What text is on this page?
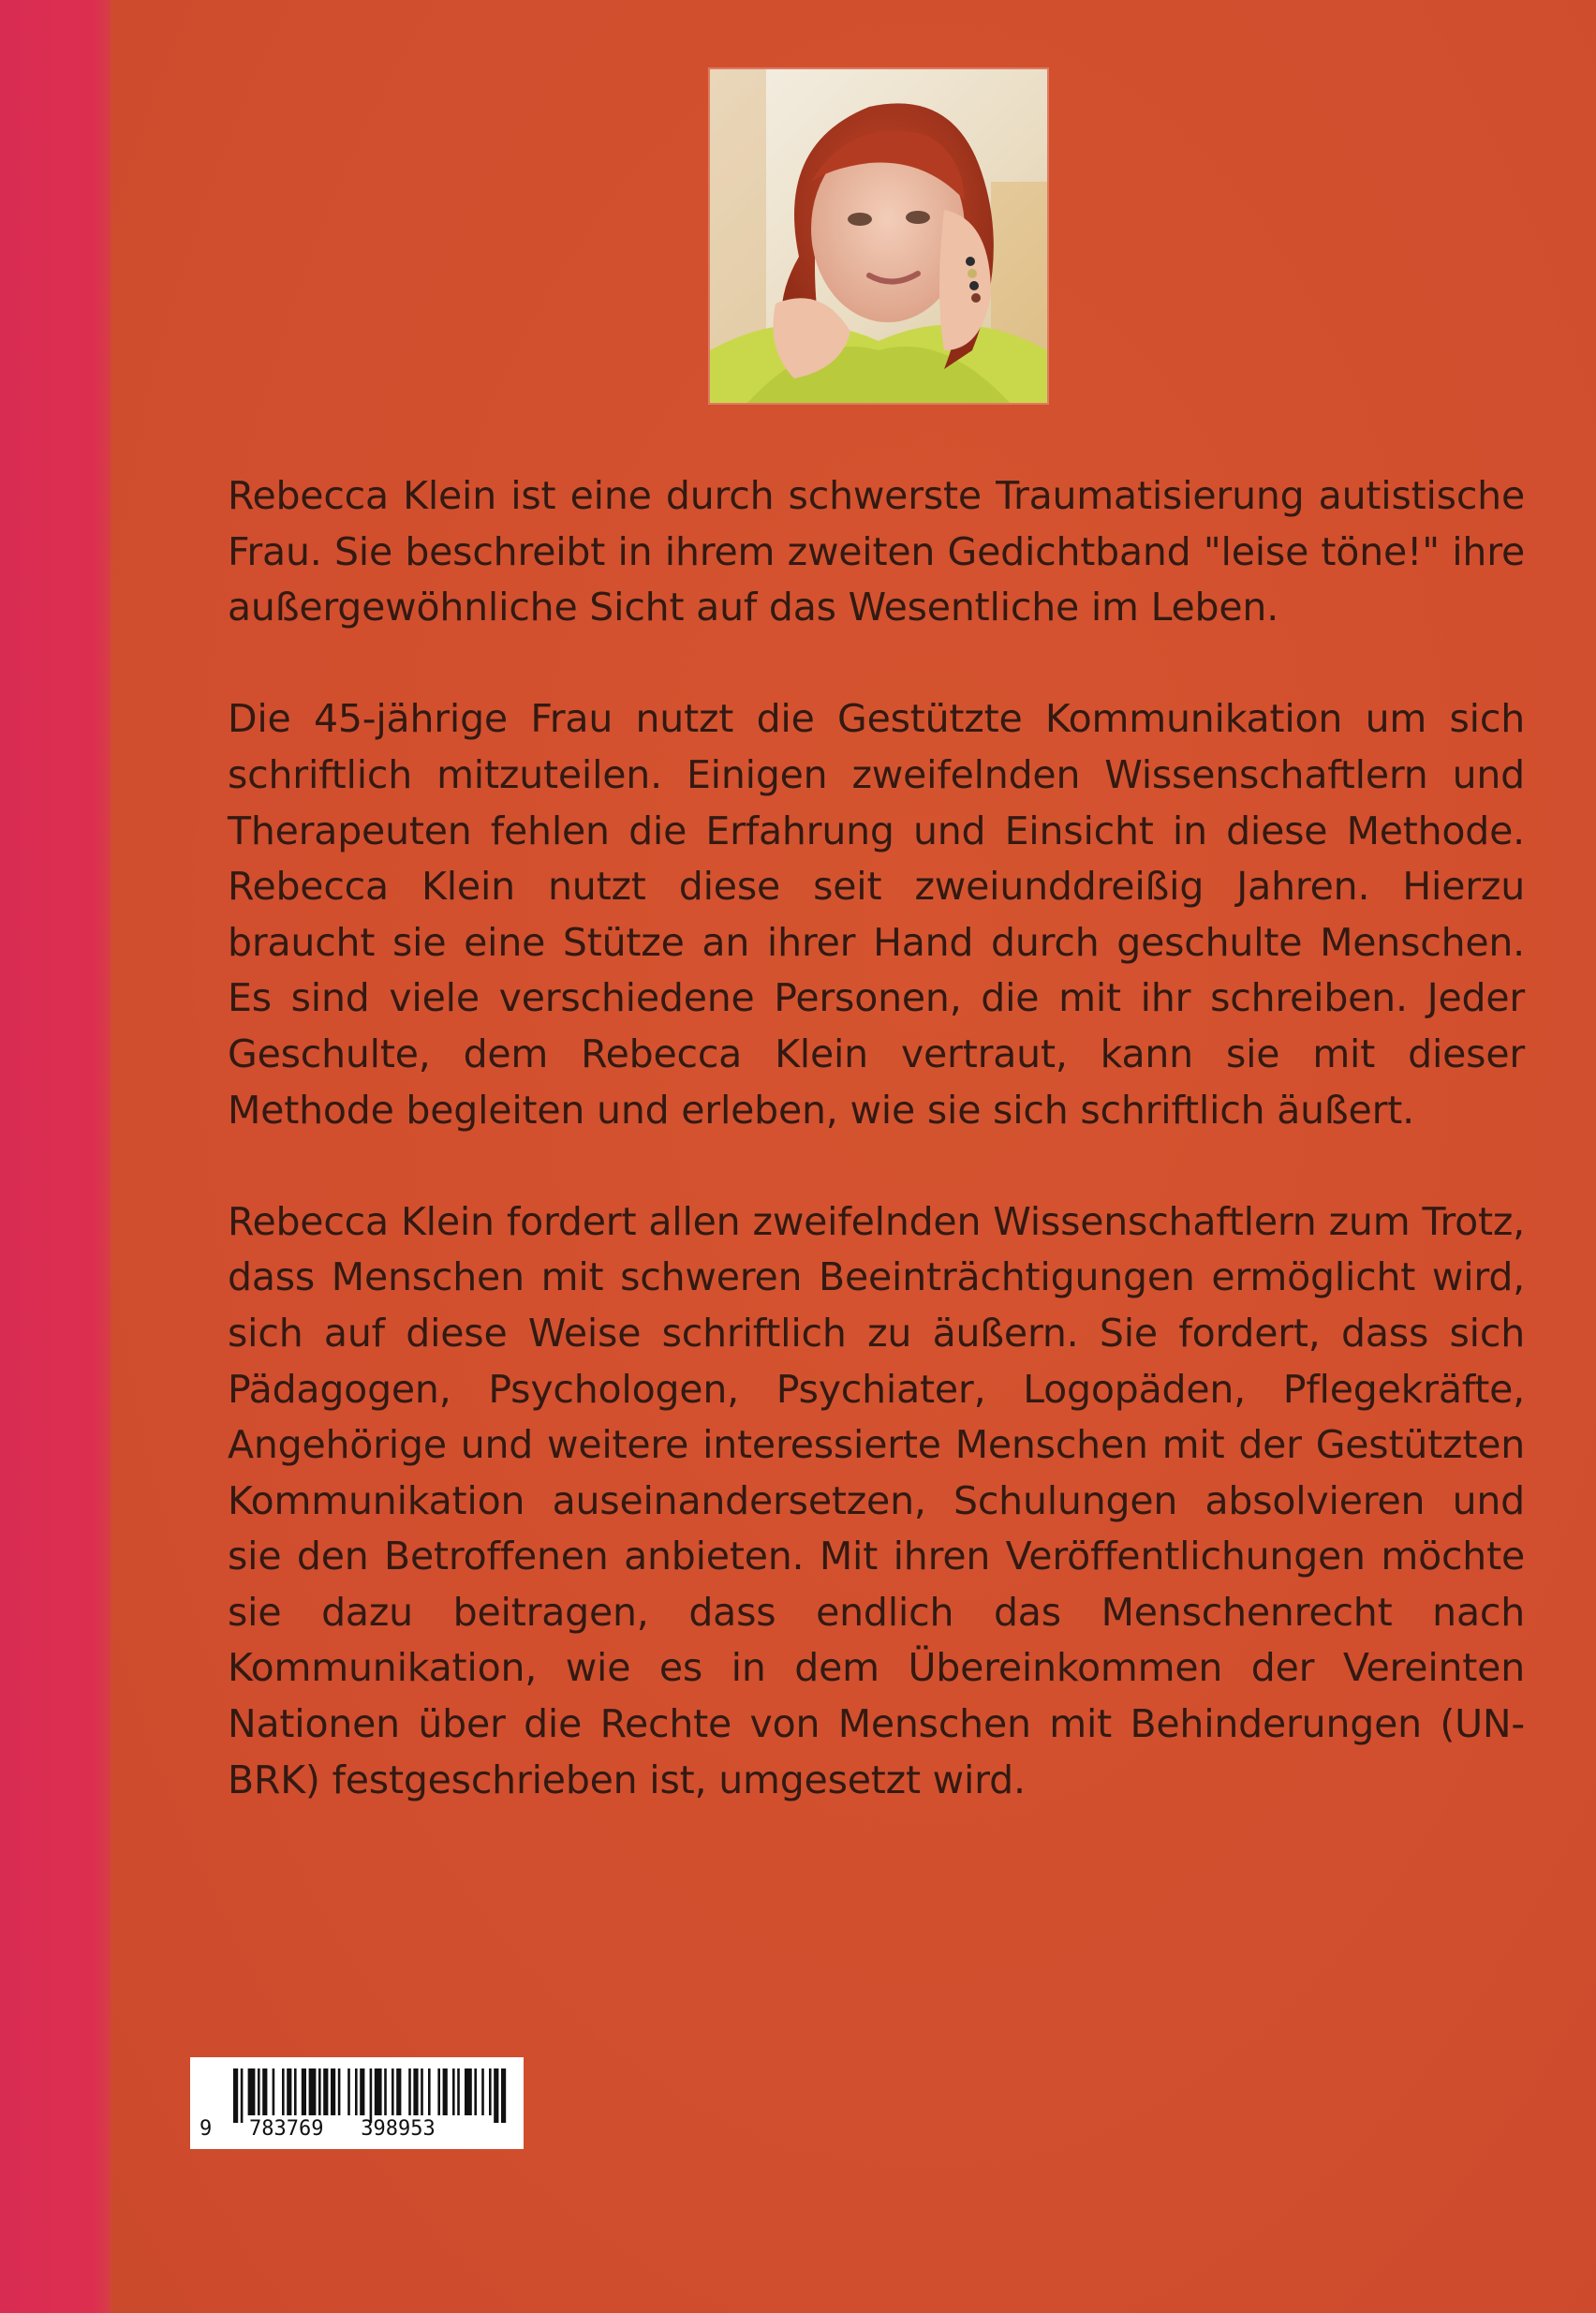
Rebecca Klein ist eine durch schwerste Traumatisierung autistische Frau. Sie beschreibt in ihrem zweiten Gedichtband "leise töne!" ihre außergewöhnliche Sicht auf das Wesentliche im Leben.

Die 45-jährige Frau nutzt die Gestützte Kommunikation um sich schriftlich mitzuteilen. Einigen zweifelnden Wissenschaftlern und Therapeuten fehlen die Erfahrung und Einsicht in diese Methode. Rebecca Klein nutzt diese seit zweiunddreißig Jahren. Hierzu braucht sie eine Stütze an ihrer Hand durch geschulte Menschen. Es sind viele verschiedene Personen, die mit ihr schreiben. Jeder Geschulte, dem Rebecca Klein vertraut, kann sie mit dieser Methode begleiten und erleben, wie sie sich schriftlich äußert.

Rebecca Klein fordert allen zweifelnden Wissenschaftlern zum Trotz, dass Menschen mit schweren Beeinträchtigungen ermöglicht wird, sich auf diese Weise schriftlich zu äußern. Sie fordert, dass sich Pädagogen, Psychologen, Psychiater, Logopäden, Pflegekräfte, Angehörige und weitere interessierte Menschen mit der Gestützten Kommunikation auseinandersetzen, Schulungen absolvieren und sie den Betroffenen anbieten. Mit ihren Veröffentlichungen möchte sie dazu beitragen, dass endlich das Menschenrecht nach Kommunikation, wie es in dem Übereinkommen der Vereinten Nationen über die Rechte von Menschen mit Behinderungen (UN-BRK) festgeschrieben ist, umgesetzt wird.

9 783769 398953
